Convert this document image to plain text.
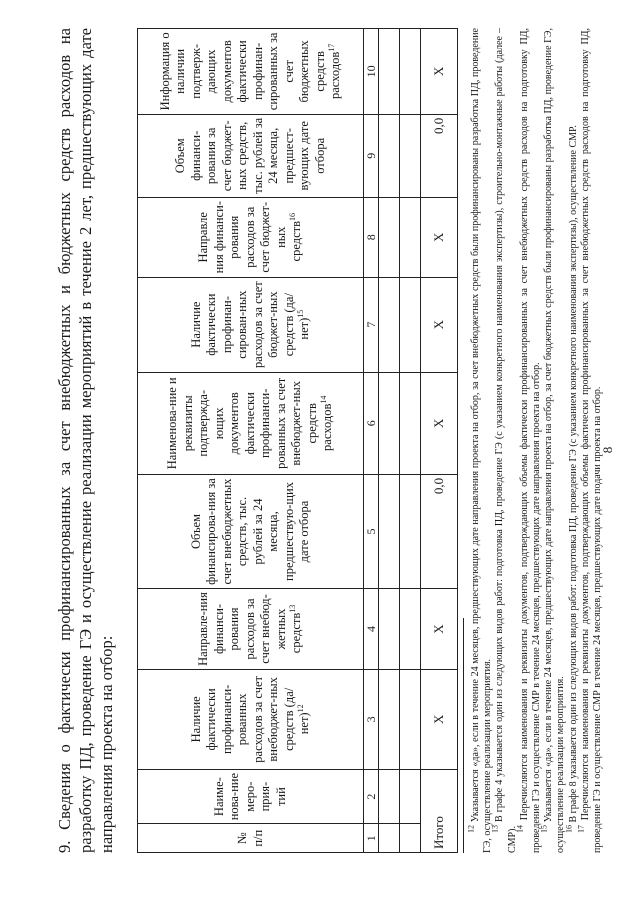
8
9. Сведения о фактически профинансированных за счет внебюджетных и бюджетных средств расходов на разработку ПД, проведение ГЭ и осуществление реализации мероприятий в течение 2 лет, предшествующих дате направления проекта на отбор:	№ п/п	Наиме-нова-ние меро-прия-тий	Наличие фактически профинанси-рованных расходов за счет внебюджет-ных средств $(да/нет)^{12}$	Направле-ния финанси-рования расходов за счет внебюд-жетных средств$^{13}$	Объем финансирова-ния за счет внебюджетных средств, тыс. рублей за 24 месяца, предшествую-щих дате отбора	Наименова-ние и реквизиты подтвержда-ющих документов фактически профинанси-рованных за счет внебюджет-ных средств расходов$^{14}$	Наличие фактически профинан-сирован-ных расходов за счет бюджет-ных средств $(да/нет)^{15}$	Направле ния финанси-рования расходов за счет бюджет-ных средств$^{16}$	Объем финанси-рования за счет бюджет-ных средств, тыс. рублей за 24 месяца, предшест-вующих дате отбора	Информация о наличии подтверж-дающих документов фактически профинан-сированных за счет бюджетных средств расходов$^{17}$
1	2	3	4	5	6	7	8	9	10

Итого		X	X	0,0	X	X	X	0,0	X

$^{12}$ Указывается «да», если в течение 24 месяцев, предшествующих дате направления проекта на отбор, за счет внебюджетных средств были профинансированы разработка ПД, проведение ГЭ, осуществление реализации мероприятия.

$^{13}$ В графе 4 указывается один из следующих видов работ: подготовка ПД, проведение ГЭ (с указанием конкретного наименования экспертизы), строительно-монтажные работы (далее – СМР).

$^{14}$ Перечисляются наименования и реквизиты документов, подтверждающих объемы фактически профинансированных за счет внебюджетных средств расходов на подготовку ПД, проведение ГЭ и осуществление СМР в течение 24 месяцев, предшествующих дате направления проекта на отбор.

$^{15}$ Указывается «да», если в течение 24 месяцев, предшествующих дате направления проекта на отбор, за счет бюджетных средств были профинансированы разработка ПД, проведение ГЭ, осуществление реализации мероприятия.

$^{16}$ В графе 8 указывается один из следующих видов работ: подготовка ПД, проведение ГЭ (с указанием конкретного наименования экспертизы), осуществление СМР.

$^{17}$ Перечисляются наименования и реквизиты документов, подтверждающих объемы фактически профинансированных за счет внебюджетных средств расходов на подготовку ПД, проведение ГЭ и осуществление СМР в течение 24 месяцев, предшествующих дате подачи проекта на отбор.
